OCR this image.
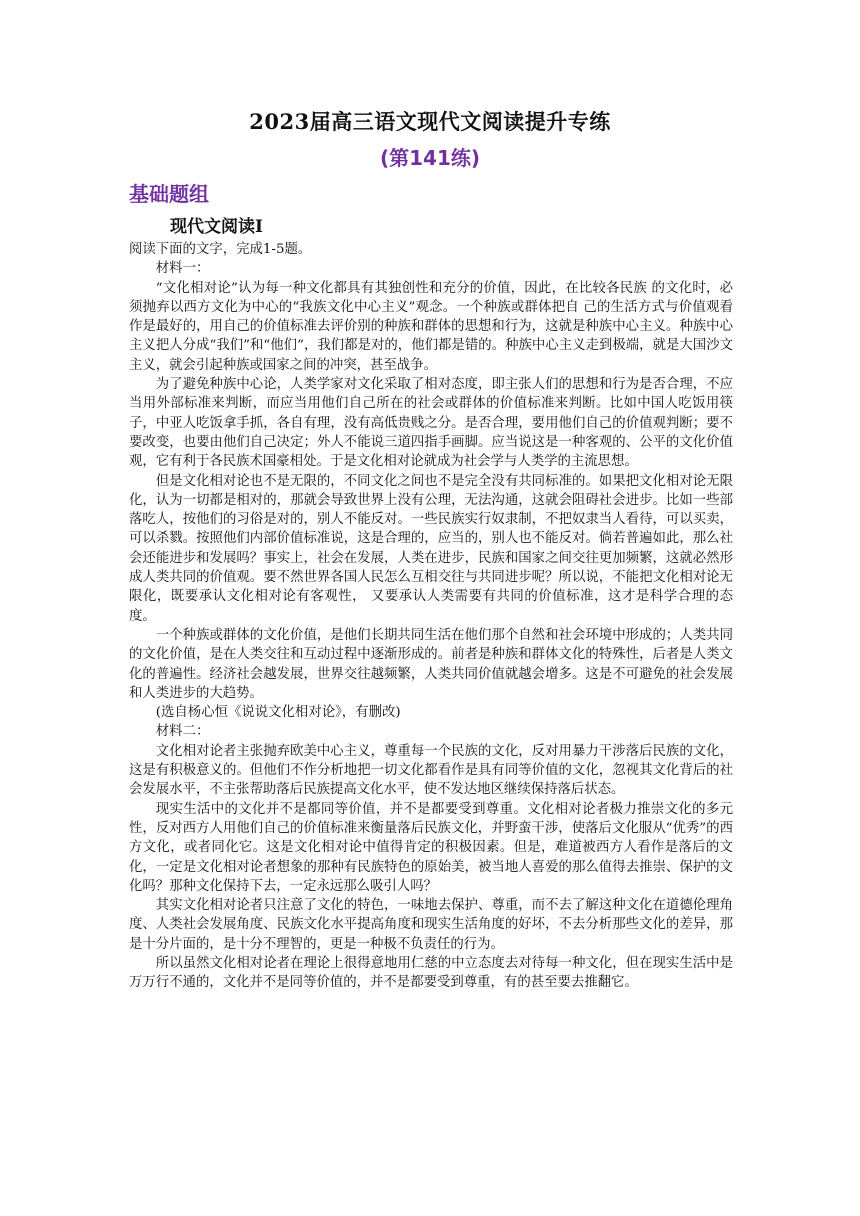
2023届高三语文现代文阅读提升专练
(第141练)
基础题组
现代文阅读Ⅰ

阅读下面的文字，完成1-5题。

材料一：

“文化相对论”认为每一种文化都具有其独创性和充分的价值，因此，在比较各民族 的文化时，必须抛弃以西方文化为中心的“我族文化中心主义”观念。一个种族或群体把自 己的生活方式与价值观看作是最好的，用自己的价值标准去评价别的种族和群体的思想和行为，这就是种族中心主义。种族中心主义把人分成“我们”和“他们”，我们都是对的，他们都是错的。种族中心主义走到极端，就是大国沙文主义，就会引起种族或国家之间的冲突，甚至战争。

为了避免种族中心论，人类学家对文化采取了相对态度，即主张人们的思想和行为是否合理，不应当用外部标准来判断，而应当用他们自己所在的社会或群体的价值标准来判断。比如中国人吃饭用筷子，中亚人吃饭拿手抓，各自有理，没有高低贵贱之分。是否合理，要用他们自己的价值观判断；要不要改变，也要由他们自己决定；外人不能说三道四指手画脚。应当说这是一种客观的、公平的文化价值观，它有利于各民族术国豪相处。于是文化相对论就成为社会学与人类学的主流思想。

但是文化相对论也不是无限的，不同文化之间也不是完全没有共同标准的。如果把文化相对论无限化，认为一切都是相对的，那就会导致世界上没有公理，无法沟通，这就会阻碍社会进步。比如一些部落吃人，按他们的习俗是对的，别人不能反对。一些民族实行奴隶制，不把奴隶当人看待，可以买卖，可以杀戮。按照他们内部价值标准说，这是合理的，应当的，别人也不能反对。倘若普遍如此，那么社会还能进步和发展吗？事实上，社会在发展，人类在进步，民族和国家之间交往更加频繁，这就必然形成人类共同的价值观。要不然世界各国人民怎么互相交往与共同进步呢？所以说，不能把文化相对论无限化，既要承认文化相对论有客观性， 又要承认人类需要有共同的价值标准，这才是科学合理的态度。

一个种族或群体的文化价值，是他们长期共同生活在他们那个自然和社会环境中形成的；人类共同的文化价值，是在人类交往和互动过程中逐渐形成的。前者是种族和群体文化的特殊性，后者是人类文化的普遍性。经济社会越发展，世界交往越频繁，人类共同价值就越会增多。这是不可避免的社会发展和人类进步的大趋势。

(选自杨心恒《说说文化相对论》，有删改)

材料二：

文化相对论者主张抛弃欧美中心主义，尊重每一个民族的文化，反对用暴力干涉落后民族的文化，这是有积极意义的。但他们不作分析地把一切文化都看作是具有同等价值的文化，忽视其文化背后的社会发展水平，不主张帮助落后民族提高文化水平，使不发达地区继续保持落后状态。

现实生活中的文化并不是都同等价值，并不是都要受到尊重。文化相对论者极力推崇文化的多元性，反对西方人用他们自己的价值标准来衡量落后民族文化，并野蛮干涉，使落后文化服从“优秀”的西方文化，或者同化它。这是文化相对论中值得肯定的积极因素。但是，难道被西方人看作是落后的文化，一定是文化相对论者想象的那种有民族特色的原始美，被当地人喜爱的那么值得去推崇、保护的文化吗？那种文化保持下去，一定永远那么吸引人吗？

其实文化相对论者只注意了文化的特色，一味地去保护、尊重，而不去了解这种文化在道德伦理角度、人类社会发展角度、民族文化水平提高角度和现实生活角度的好坏，不去分析那些文化的差异，那是十分片面的，是十分不理智的，更是一种极不负责任的行为。

所以虽然文化相对论者在理论上很得意地用仁慈的中立态度去对待每一种文化，但在现实生活中是万万行不通的，文化并不是同等价值的，并不是都要受到尊重，有的甚至要去推翻它。
